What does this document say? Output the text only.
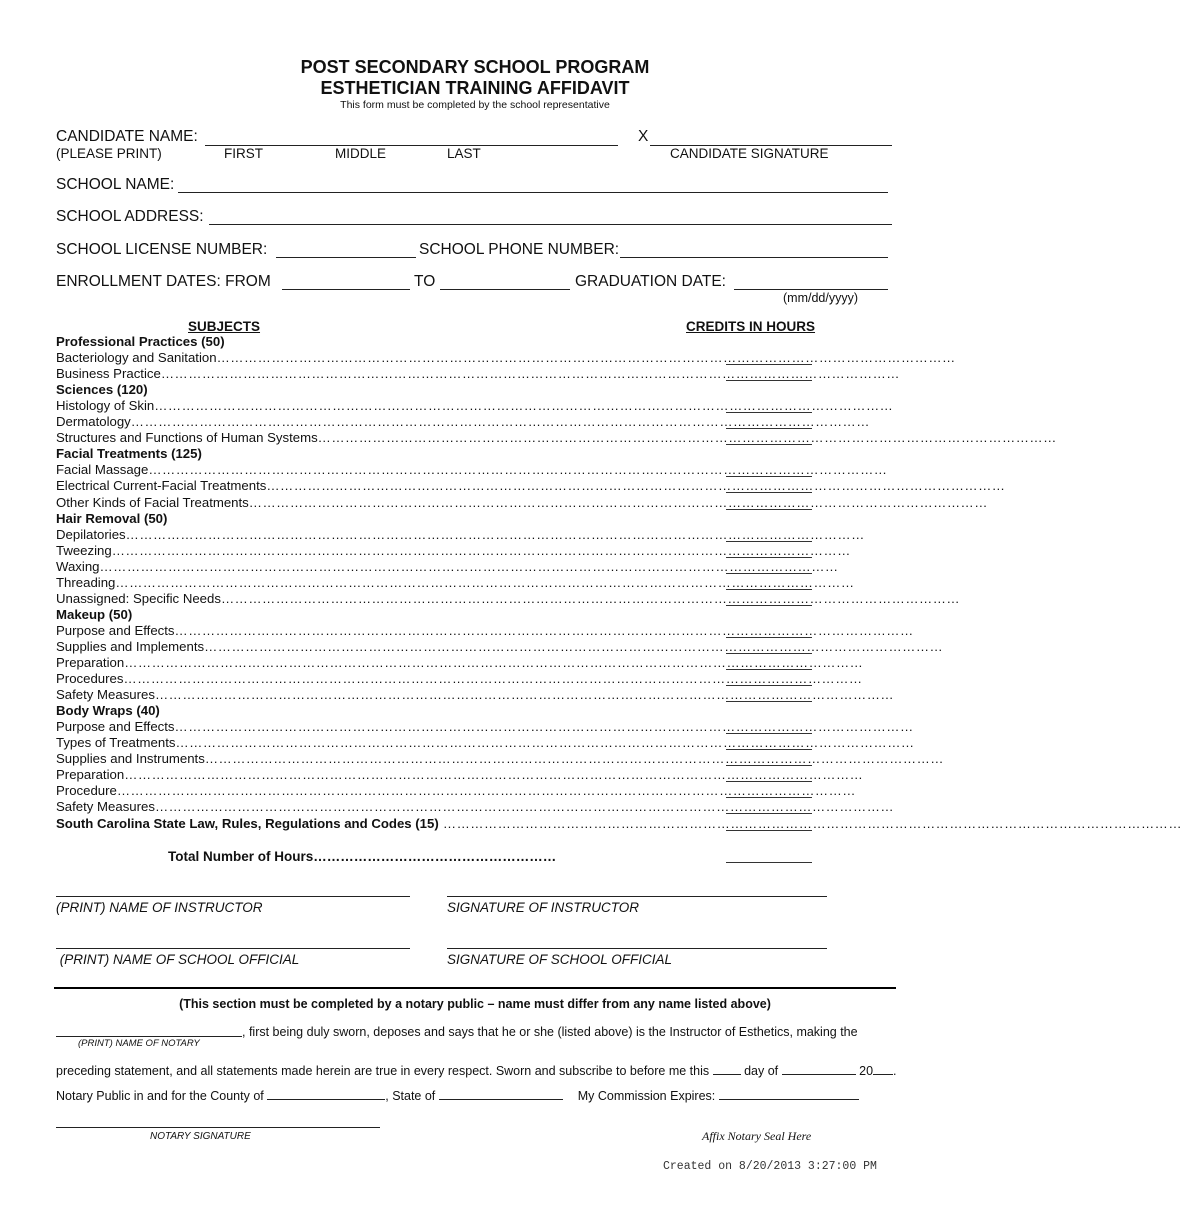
POST SECONDARY SCHOOL PROGRAM
ESTHETICIAN TRAINING AFFIDAVIT
This form must be completed by the school representative
CANDIDATE NAME:	X
(PLEASE PRINT)	FIRST	MIDDLE	LAST	CANDIDATE SIGNATURE
SCHOOL NAME:
SCHOOL ADDRESS:
SCHOOL LICENSE NUMBER:	SCHOOL PHONE NUMBER:
ENROLLMENT DATES: FROM	TO	GRADUATION DATE:
(mm/dd/yyyy)
SUBJECTS	CREDITS IN HOURS
Professional Practices (50)
Bacteriology and Sanitation………………………………………………………………………………………………………………………………………………
Business Practice………………………………………………………………………………………………………………………………………………
Sciences (120)
Histology of Skin………………………………………………………………………………………………………………………………………………
Dermatology………………………………………………………………………………………………………………………………………………
Structures and Functions of Human Systems………………………………………………………………………………………………………………………………………………
Facial Treatments (125)
Facial Massage………………………………………………………………………………………………………………………………………………
Electrical Current-Facial Treatments………………………………………………………………………………………………………………………………………………
Other Kinds of Facial Treatments………………………………………………………………………………………………………………………………………………
Hair Removal (50)
Depilatories………………………………………………………………………………………………………………………………………………
Tweezing………………………………………………………………………………………………………………………………………………
Waxing………………………………………………………………………………………………………………………………………………
Threading………………………………………………………………………………………………………………………………………………
Unassigned: Specific Needs………………………………………………………………………………………………………………………………………………
Makeup (50)
Purpose and Effects………………………………………………………………………………………………………………………………………………
Supplies and Implements………………………………………………………………………………………………………………………………………………
Preparation………………………………………………………………………………………………………………………………………………
Procedures………………………………………………………………………………………………………………………………………………
Safety Measures………………………………………………………………………………………………………………………………………………
Body Wraps (40)
Purpose and Effects………………………………………………………………………………………………………………………………………………
Types of Treatments………………………………………………………………………………………………………………………………………………
Supplies and Instruments………………………………………………………………………………………………………………………………………………
Preparation………………………………………………………………………………………………………………………………………………
Procedure………………………………………………………………………………………………………………………………………………
Safety Measures………………………………………………………………………………………………………………………………………………
South Carolina State Law, Rules, Regulations and Codes (15) ………………………………………………………………………………………………………………………………………………
Total Number of Hours………………………………………………
(PRINT) NAME OF INSTRUCTOR	SIGNATURE OF INSTRUCTOR
(PRINT) NAME OF SCHOOL OFFICIAL	SIGNATURE OF SCHOOL OFFICIAL
(This section must be completed by a notary public – name must differ from any name listed above)
, first being duly sworn, deposes and says that he or she (listed above) is the Instructor of Esthetics, making the
(PRINT) NAME OF NOTARY
preceding statement, and all statements made herein are true in every respect. Sworn and subscribe to before me this	day of	20 .
Notary Public in and for the County of	, State of	My Commission Expires:
NOTARY SIGNATURE	Affix Notary Seal Here
Created on 8/20/2013 3:27:00 PM
